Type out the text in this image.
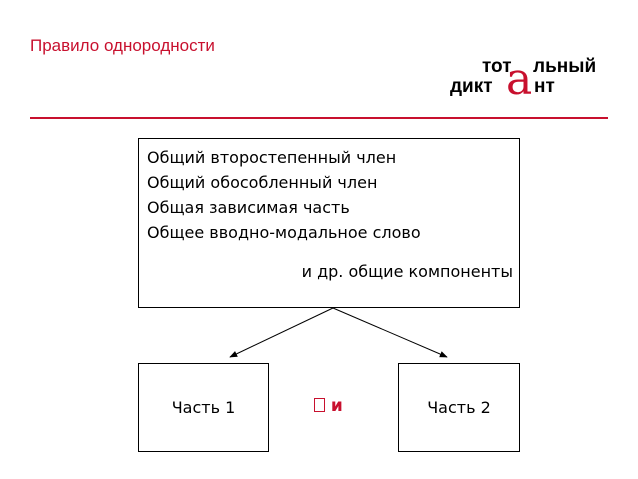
Правило однородности
тот льный
дикт нт
а
Общий второстепенный член
Общий обособленный член
Общая зависимая часть
Общее вводно-модальное слово
и др. общие компоненты
Часть 1	Часть 2
и
